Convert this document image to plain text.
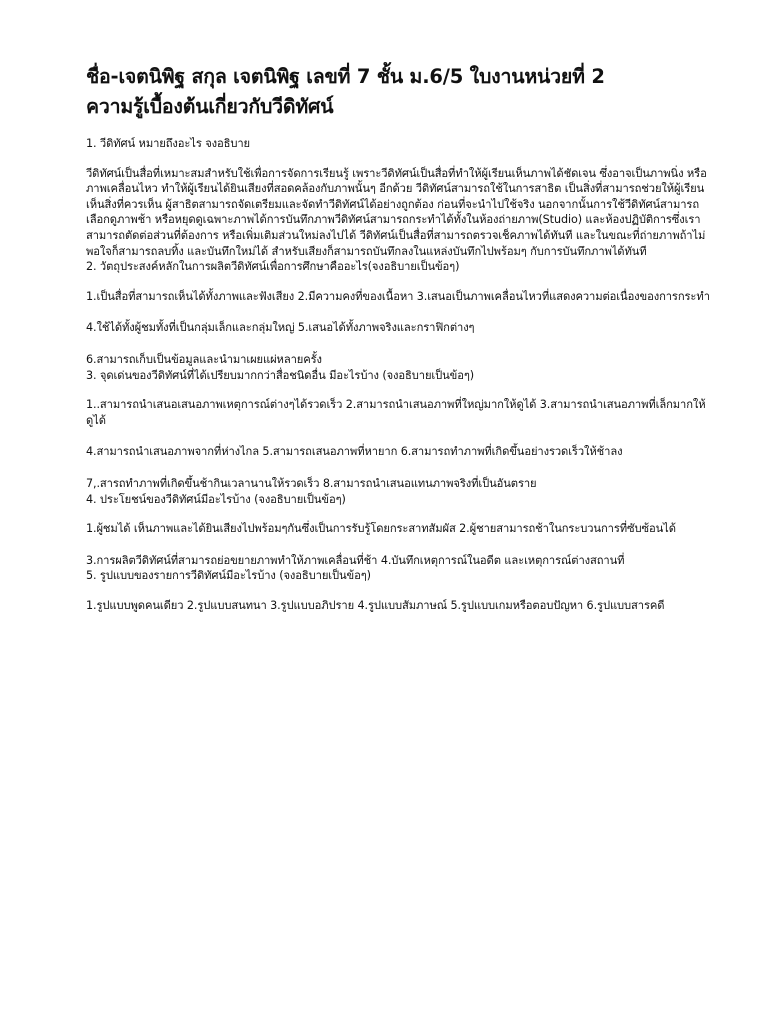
ชื่อ-เจตนิพิฐ สกุล เจตนิพิฐ เลขที่ 7 ชั้น ม.6/5 ใบงานหน่วยที่ 2
ความรู้เบื้องต้นเกี่ยวกับวีดิทัศน์

1. วีดิทัศน์ หมายถึงอะไร จงอธิบาย

วีดิทัศน์เป็นสื่อที่เหมาะสมสำหรับใช้เพื่อการจัดการเรียนรู้ เพราะวีดิทัศน์เป็นสื่อที่ทำให้ผู้เรียนเห็นภาพได้ชัดเจน ซึ่งอาจเป็นภาพนิ่ง หรือภาพเคลื่อนไหว ทำให้ผู้เรียนได้ยินเสียงที่สอดคล้องกับภาพนั้นๆ อีกด้วย วีดิทัศน์สามารถใช้ในการสาธิต เป็นสิ่งที่สามารถช่วยให้ผู้เรียนเห็นสิ่งที่ควรเห็น ผู้สาธิตสามารถจัดเตรียมและจัดทำวีดิทัศน์ได้อย่างถูกต้อง ก่อนที่จะนำไปใช้จริง นอกจากนั้นการใช้วีดิทัศน์สามารถเลือกดูภาพช้า หรือหยุดดูเฉพาะภาพได้การบันทึกภาพวีดิทัศน์สามารถกระทำได้ทั้งในห้องถ่ายภาพ(Studio) และห้องปฏิบัติการซึ่งเราสามารถตัดต่อส่วนที่ต้องการ หรือเพิ่มเติมส่วนใหม่ลงไปได้ วีดิทัศน์เป็นสื่อที่สามารถตรวจเช็คภาพได้ทันที และในขณะที่ถ่ายภาพถ้าไม่พอใจก็สามารถลบทิ้ง และบันทึกใหม่ได้ สำหรับเสียงก็สามารถบันทึกลงในแหล่งบันทึกไปพร้อมๆ กับการบันทึกภาพได้ทันที

2. วัตถุประสงค์หลักในการผลิตวีดิทัศน์เพื่อการศึกษาคืออะไร(จงอธิบายเป็นข้อๆ)

1.เป็นสื่อที่สามารถเห็นได้ทั้งภาพและฟังเสียง 2.มีความคงที่ของเนื้อหา 3.เสนอเป็นภาพเคลื่อนไหวที่แสดงความต่อเนื่องของการกระทำ

4.ใช้ได้ทั้งผู้ชมทั้งที่เป็นกลุ่มเล็กและกลุ่มใหญ่ 5.เสนอได้ทั้งภาพจริงและกราฟิกต่างๆ

6.สามารถเก็บเป็นข้อมูลและนำมาเผยแผ่หลายครั้ง

3. จุดเด่นของวีดิทัศน์ที่ได้เปรียบมากกว่าสื่อชนิดอื่น มีอะไรบ้าง (จงอธิบายเป็นข้อๆ)

1..สามารถนำเสนอเสนอภาพเหตุการณ์ต่างๆได้รวดเร็ว 2.สามารถนำเสนอภาพที่ใหญ่มากให้ดูได้ 3.สามารถนำเสนอภาพที่เล็กมากให้ดูได้

4.สามารถนำเสนอภาพจากที่ห่างไกล 5.สามารถเสนอภาพที่หายาก 6.สามารถทำภาพที่เกิดขึ้นอย่างรวดเร็วให้ช้าลง

7,.สารถทำภาพที่เกิดขึ้นช้ากินเวลานานให้รวดเร็ว 8.สามารถนำเสนอแทนภาพจริงที่เป็นอันตราย

4. ประโยชน์ของวีดิทัศน์มีอะไรบ้าง (จงอธิบายเป็นข้อๆ)

1.ผู้ชมได้ เห็นภาพและได้ยินเสียงไปพร้อมๆกันซึ่งเป็นการรับรู้โดยกระสาทสัมผัส 2.ผู้ชายสามารถช้าในกระบวนการที่ซับซ้อนได้

3.การผลิตวีดิทัศน์ที่สามารถย่อขยายภาพทำให้ภาพเคลื่อนที่ช้า 4.บันทึกเหตุการณ์ในอดีต และเหตุการณ์ต่างสถานที่

5. รูปแบบของรายการวีดิทัศน์มีอะไรบ้าง (จงอธิบายเป็นข้อๆ)

1.รูปแบบพูดคนเดียว 2.รูปแบบสนทนา 3.รูปแบบอภิปราย 4.รูปแบบสัมภาษณ์ 5.รูปแบบเกมหรือตอบปัญหา 6.รูปแบบสารคดี
